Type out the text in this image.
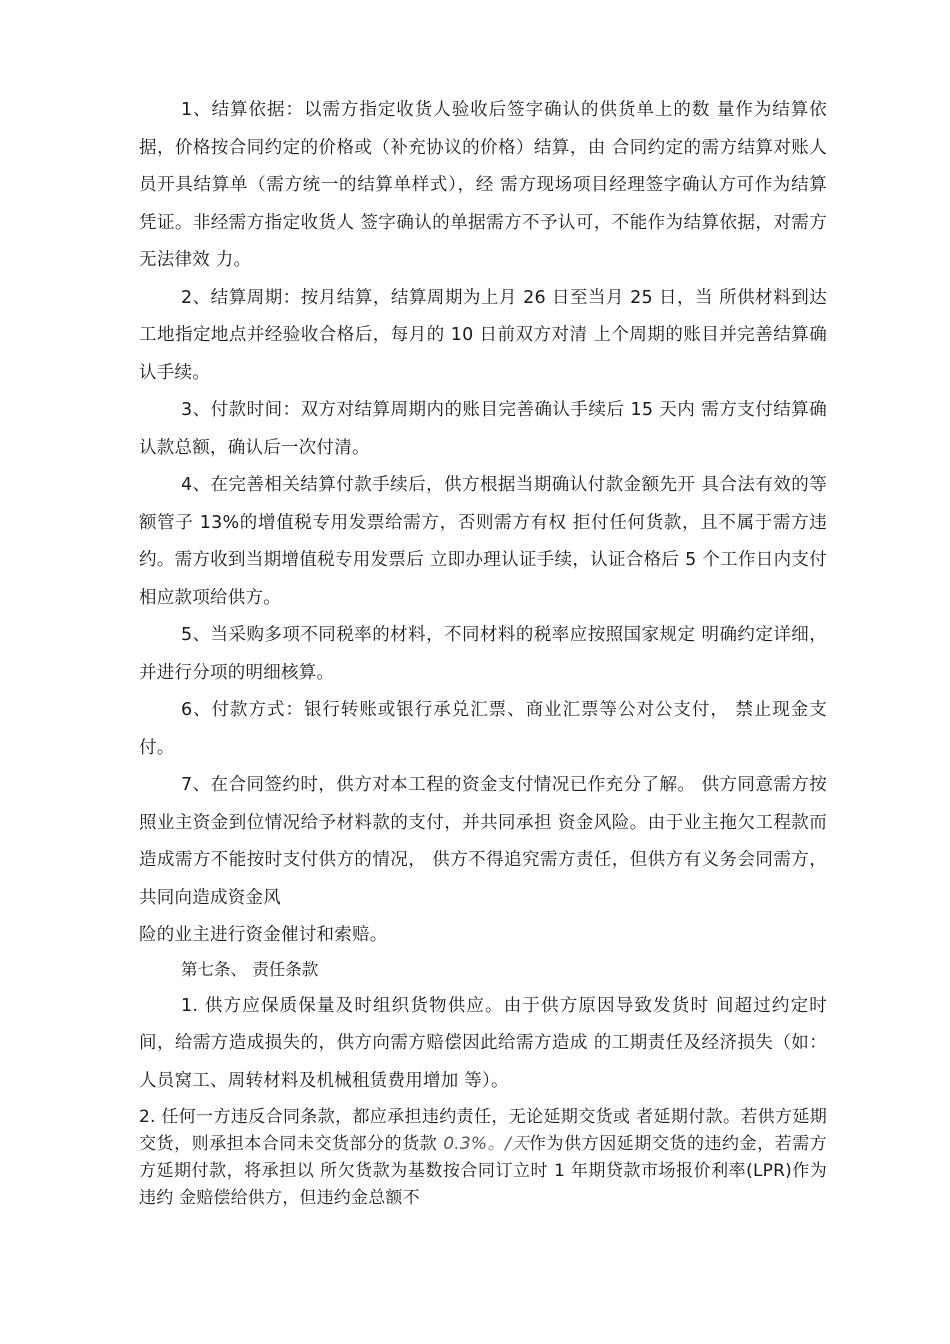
1、结算依据：以需方指定收货人验收后签字确认的供货单上的数 量作为结算依据，价格按合同约定的价格或（补充协议的价格）结算，由 合同约定的需方结算对账人员开具结算单（需方统一的结算单样式），经 需方现场项目经理签字确认方可作为结算凭证。非经需方指定收货人 签字确认的单据需方不予认可，不能作为结算依据，对需方无法律效 力。

2、结算周期：按月结算，结算周期为上月 26 日至当月 25 日，当 所供材料到达工地指定地点并经验收合格后，每月的 10 日前双方对清 上个周期的账目并完善结算确认手续。

3、付款时间：双方对结算周期内的账目完善确认手续后 15 天内 需方支付结算确认款总额，确认后一次付清。

4、在完善相关结算付款手续后，供方根据当期确认付款金额先开 具合法有效的等额管子 13%的增值税专用发票给需方，否则需方有权 拒付任何货款，且不属于需方违约。需方收到当期增值税专用发票后 立即办理认证手续，认证合格后 5 个工作日内支付相应款项给供方。

5、当采购多项不同税率的材料，不同材料的税率应按照国家规定 明确约定详细，并进行分项的明细核算。

6、付款方式：银行转账或银行承兑汇票、商业汇票等公对公支付， 禁止现金支付。

7、在合同签约时，供方对本工程的资金支付情况已作充分了解。 供方同意需方按照业主资金到位情况给予材料款的支付，并共同承担 资金风险。由于业主拖欠工程款而造成需方不能按时支付供方的情况， 供方不得追究需方责任，但供方有义务会同需方，共同向造成资金风

险的业主进行资金催讨和索赔。

第七条、 责任条款

1. 供方应保质保量及时组织货物供应。由于供方原因导致发货时 间超过约定时间，给需方造成损失的，供方向需方赔偿因此给需方造成 的工期责任及经济损失（如：人员窝工、周转材料及机械租赁费用增加 等）。

2. 任何一方违反合同条款，都应承担违约责任，无论延期交货或 者延期付款。若供方延期交货，则承担本合同未交货部分的货款 0.3%。/天作为供方因延期交货的违约金，若需方方延期付款，将承担以 所欠货款为基数按合同订立时 1 年期贷款市场报价利率(LPR)作为违约 金赔偿给供方，但违约金总额不
